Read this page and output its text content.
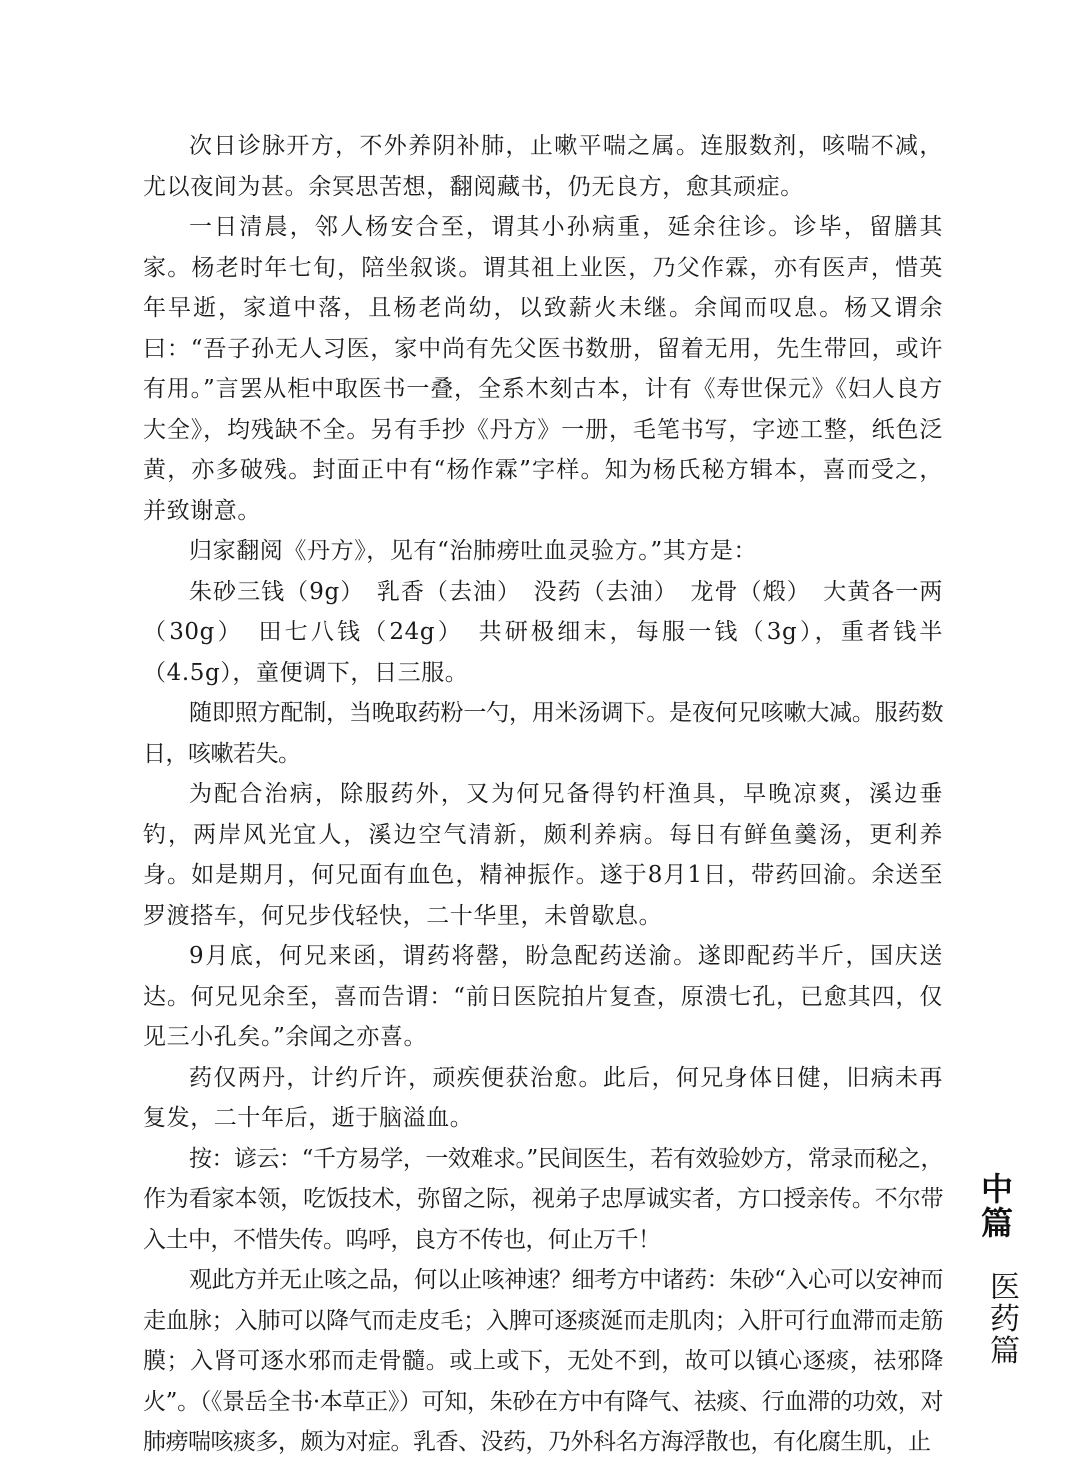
次日诊脉开方，不外养阴补肺，止嗽平喘之属。连服数剂，咳喘不减，尤以夜间为甚。余冥思苦想，翻阅藏书，仍无良方，愈其顽症。

一日清晨，邻人杨安合至，谓其小孙病重，延余往诊。诊毕，留膳其家。杨老时年七旬，陪坐叙谈。谓其祖上业医，乃父作霖，亦有医声，惜英年早逝，家道中落，且杨老尚幼，以致薪火未继。余闻而叹息。杨又谓余曰：“吾子孙无人习医，家中尚有先父医书数册，留着无用，先生带回，或许有用。”言罢从柜中取医书一叠，全系木刻古本，计有《寿世保元》《妇人良方大全》，均残缺不全。另有手抄《丹方》一册，毛笔书写，字迹工整，纸色泛黄，亦多破残。封面正中有“杨作霖”字样。知为杨氏秘方辑本，喜而受之，并致谢意。

归家翻阅《丹方》，见有“治肺痨吐血灵验方。”其方是：

朱砂三钱（9g）　乳香（去油）　没药（去油）　龙骨（煅）　大黄各一两（30g）　田七八钱（24g）　共研极细末，每服一钱（3g），重者钱半（4.5g），童便调下，日三服。

随即照方配制，当晚取药粉一勺，用米汤调下。是夜何兄咳嗽大减。服药数日，咳嗽若失。

为配合治病，除服药外，又为何兄备得钓杆渔具，早晚凉爽，溪边垂钓，两岸风光宜人，溪边空气清新，颇利养病。每日有鲜鱼羹汤，更利养身。如是期月，何兄面有血色，精神振作。遂于8月1日，带药回渝。余送至罗渡搭车，何兄步伐轻快，二十华里，未曾歇息。

9月底，何兄来函，谓药将罄，盼急配药送渝。遂即配药半斤，国庆送达。何兄见余至，喜而告谓：“前日医院拍片复查，原溃七孔，已愈其四，仅见三小孔矣。”余闻之亦喜。

药仅两丹，计约斤许，顽疾便获治愈。此后，何兄身体日健，旧病未再复发，二十年后，逝于脑溢血。

按：谚云：“千方易学，一效难求。”民间医生，若有效验妙方，常录而秘之，作为看家本领，吃饭技术，弥留之际，视弟子忠厚诚实者，方口授亲传。不尔带入土中，不惜失传。呜呼，良方不传也，何止万千！

观此方并无止咳之品，何以止咳神速？细考方中诸药：朱砂“入心可以安神而走血脉；入肺可以降气而走皮毛；入脾可逐痰涎而走肌肉；入肝可行血滞而走筋膜；入肾可逐水邪而走骨髓。或上或下，无处不到，故可以镇心逐痰，祛邪降火”。（《景岳全书·本草正》）可知，朱砂在方中有降气、祛痰、行血滞的功效，对肺痨喘咳痰多，颇为对症。乳香、没药，乃外科名方海浮散也，有化腐生肌，止

中
篇
医
药
篇
